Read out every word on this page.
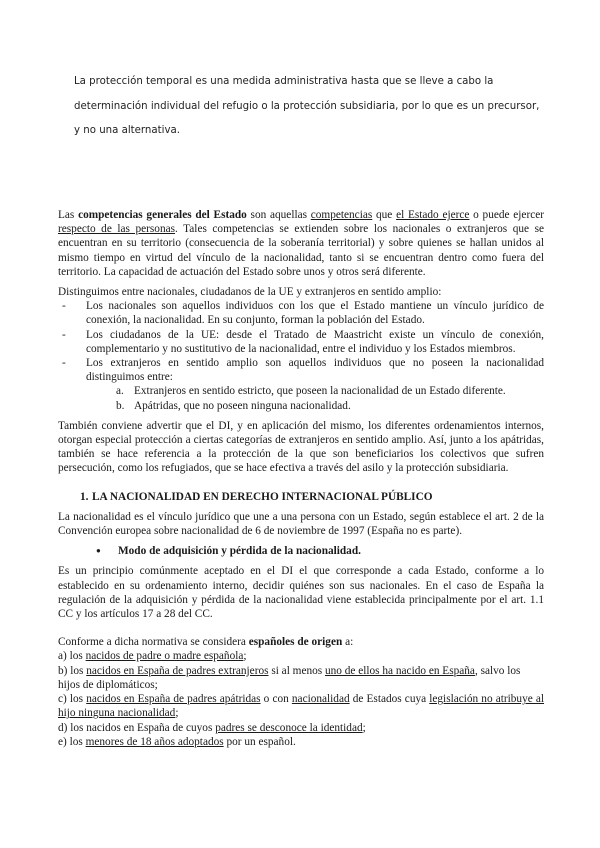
La protección temporal es una medida administrativa hasta que se lleve a cabo la determinación individual del refugio o la protección subsidiaria, por lo que es un precursor, y no una alternativa.

Las competencias generales del Estado son aquellas competencias que el Estado ejerce o puede ejercer respecto de las personas. Tales competencias se extienden sobre los nacionales o extranjeros que se encuentran en su territorio (consecuencia de la soberanía territorial) y sobre quienes se hallan unidos al mismo tiempo en virtud del vínculo de la nacionalidad, tanto si se encuentran dentro como fuera del territorio. La capacidad de actuación del Estado sobre unos y otros será diferente.

Distinguimos entre nacionales, ciudadanos de la UE y extranjeros en sentido amplio:

- Los nacionales son aquellos individuos con los que el Estado mantiene un vínculo jurídico de conexión, la nacionalidad. En su conjunto, forman la población del Estado.
- Los ciudadanos de la UE: desde el Tratado de Maastricht existe un vínculo de conexión, complementario y no sustitutivo de la nacionalidad, entre el individuo y los Estados miembros.
- Los extranjeros en sentido amplio son aquellos individuos que no poseen la nacionalidad distinguimos entre:
a. Extranjeros en sentido estricto, que poseen la nacionalidad de un Estado diferente.
b. Apátridas, que no poseen ninguna nacionalidad.

También conviene advertir que el DI, y en aplicación del mismo, los diferentes ordenamientos internos, otorgan especial protección a ciertas categorías de extranjeros en sentido amplio. Así, junto a los apátridas, también se hace referencia a la protección de la que son beneficiarios los colectivos que sufren persecución, como los refugiados, que se hace efectiva a través del asilo y la protección subsidiaria.

1. LA NACIONALIDAD EN DERECHO INTERNACIONAL PÚBLICO

La nacionalidad es el vínculo jurídico que une a una persona con un Estado, según establece el art. 2 de la Convención europea sobre nacionalidad de 6 de noviembre de 1997 (España no es parte).

● Modo de adquisición y pérdida de la nacionalidad.

Es un principio comúnmente aceptado en el DI el que corresponde a cada Estado, conforme a lo establecido en su ordenamiento interno, decidir quiénes son sus nacionales. En el caso de España la regulación de la adquisición y pérdida de la nacionalidad viene establecida principalmente por el art. 1.1 CC y los artículos 17 a 28 del CC.

Conforme a dicha normativa se considera españoles de origen a:

a) los nacidos de padre o madre española;

b) los nacidos en España de padres extranjeros si al menos uno de ellos ha nacido en España, salvo los hijos de diplomáticos;

c) los nacidos en España de padres apátridas o con nacionalidad de Estados cuya legislación no atribuye al hijo ninguna nacionalidad;

d) los nacidos en España de cuyos padres se desconoce la identidad;

e) los menores de 18 años adoptados por un español.
